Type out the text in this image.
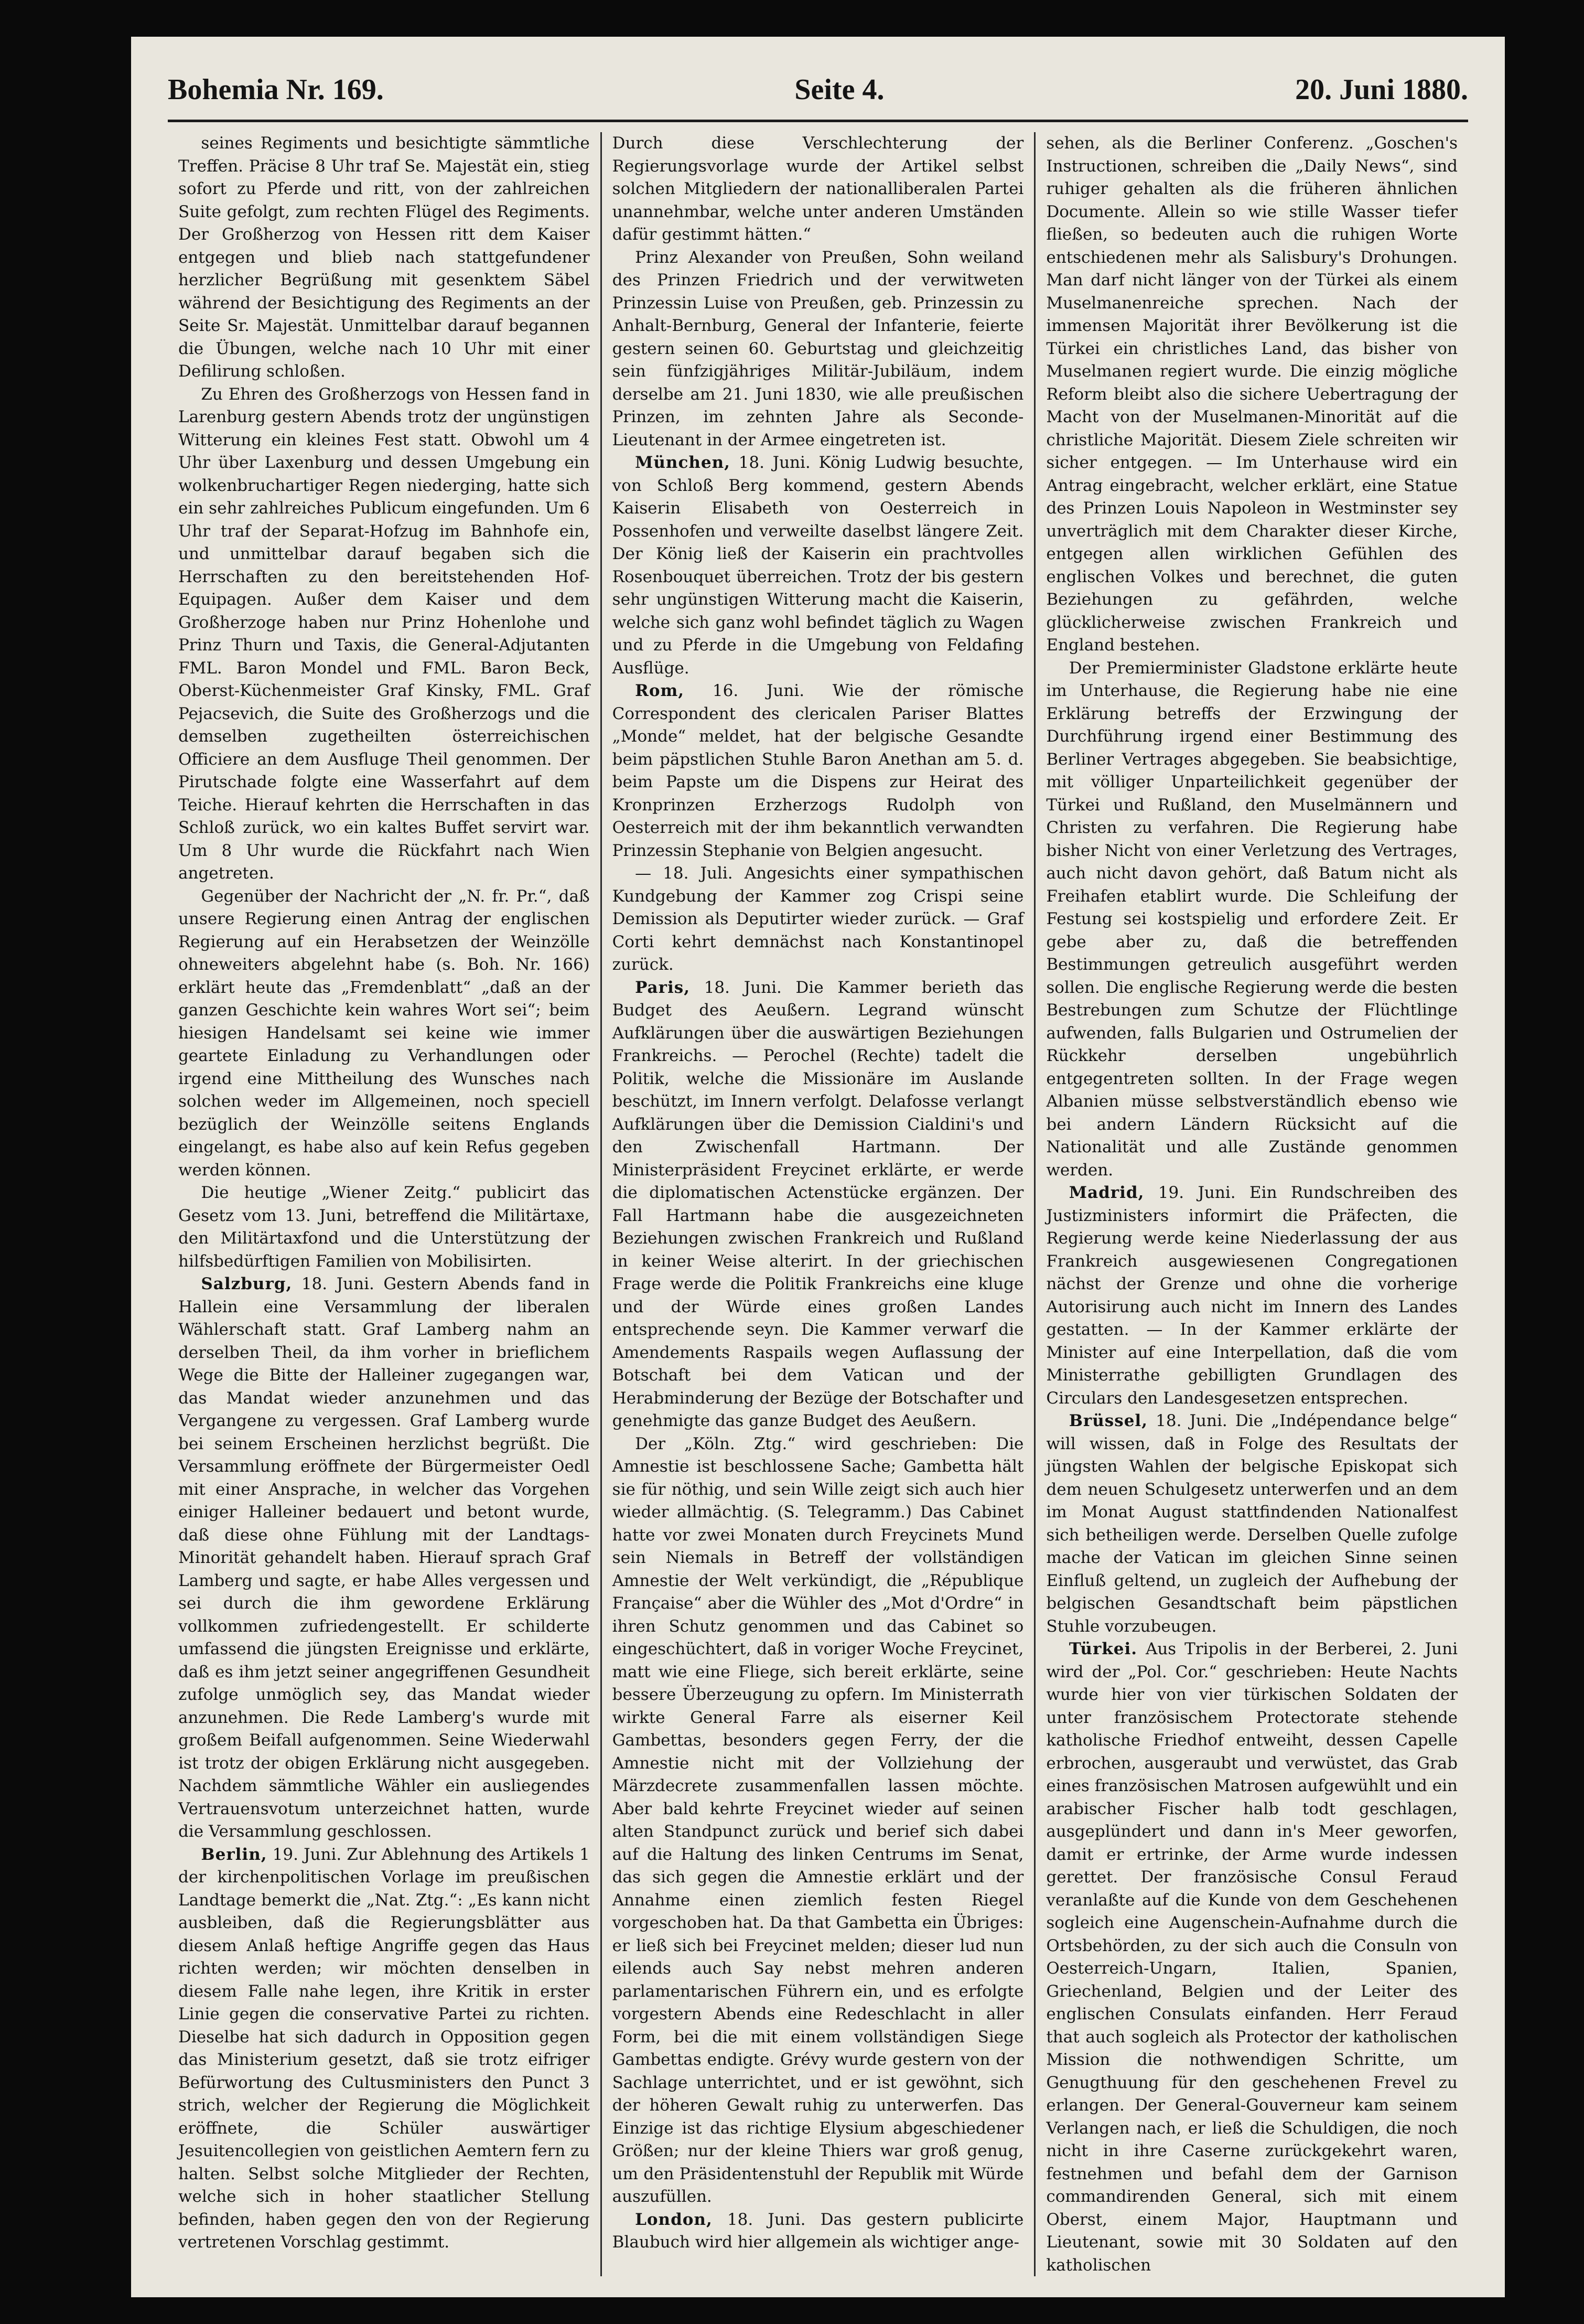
Bohemia Nr. 169.	Seite 4.	20. Juni 1880.

seines Regiments und besichtigte sämmtliche Treffen. Präcise 8 Uhr traf Se. Majestät ein, stieg sofort zu Pferde und ritt, von der zahlreichen Suite gefolgt, zum rechten Flügel des Regiments. Der Großherzog von Hessen ritt dem Kaiser entgegen und blieb nach stattgefundener herzlicher Begrüßung mit gesenktem Säbel während der Besichtigung des Regiments an der Seite Sr. Majestät. Unmittelbar darauf begannen die Übungen, welche nach 10 Uhr mit einer Defilirung schloßen.

Zu Ehren des Großherzogs von Hessen fand in Larenburg gestern Abends trotz der ungünstigen Witterung ein kleines Fest statt. Obwohl um 4 Uhr über Laxenburg und dessen Umgebung ein wolkenbruchartiger Regen niederging, hatte sich ein sehr zahlreiches Publicum eingefunden. Um 6 Uhr traf der Separat-Hofzug im Bahnhofe ein, und unmittelbar darauf begaben sich die Herrschaften zu den bereitstehenden Hof-Equipagen. Außer dem Kaiser und dem Großherzoge haben nur Prinz Hohenlohe und Prinz Thurn und Taxis, die General-Adjutanten FML. Baron Mondel und FML. Baron Beck, Oberst-Küchenmeister Graf Kinsky, FML. Graf Pejacsevich, die Suite des Großherzogs und die demselben zugetheilten österreichischen Officiere an dem Ausfluge Theil genommen. Der Pirutschade folgte eine Wasserfahrt auf dem Teiche. Hierauf kehrten die Herrschaften in das Schloß zurück, wo ein kaltes Buffet servirt war. Um 8 Uhr wurde die Rückfahrt nach Wien angetreten.

Gegenüber der Nachricht der „N. fr. Pr.“, daß unsere Regierung einen Antrag der englischen Regierung auf ein Herabsetzen der Weinzölle ohneweiters abgelehnt habe (s. Boh. Nr. 166) erklärt heute das „Fremdenblatt“ „daß an der ganzen Geschichte kein wahres Wort sei“; beim hiesigen Handelsamt sei keine wie immer geartete Einladung zu Verhandlungen oder irgend eine Mittheilung des Wunsches nach solchen weder im Allgemeinen, noch speciell bezüglich der Weinzölle seitens Englands eingelangt, es habe also auf kein Refus gegeben werden können.

Die heutige „Wiener Zeitg.“ publicirt das Gesetz vom 13. Juni, betreffend die Militärtaxe, den Militärtaxfond und die Unterstützung der hilfsbedürftigen Familien von Mobilisirten.

Salzburg, 18. Juni. Gestern Abends fand in Hallein eine Versammlung der liberalen Wählerschaft statt. Graf Lamberg nahm an derselben Theil, da ihm vorher in brieflichem Wege die Bitte der Halleiner zugegangen war, das Mandat wieder anzunehmen und das Vergangene zu vergessen. Graf Lamberg wurde bei seinem Erscheinen herzlichst begrüßt. Die Versammlung eröffnete der Bürgermeister Oedl mit einer Ansprache, in welcher das Vorgehen einiger Halleiner bedauert und betont wurde, daß diese ohne Fühlung mit der Landtags-Minorität gehandelt haben. Hierauf sprach Graf Lamberg und sagte, er habe Alles vergessen und sei durch die ihm gewordene Erklärung vollkommen zufriedengestellt. Er schilderte umfassend die jüngsten Ereignisse und erklärte, daß es ihm jetzt seiner angegriffenen Gesundheit zufolge unmöglich sey, das Mandat wieder anzunehmen. Die Rede Lamberg's wurde mit großem Beifall aufgenommen. Seine Wiederwahl ist trotz der obigen Erklärung nicht ausgegeben. Nachdem sämmtliche Wähler ein ausliegendes Vertrauensvotum unterzeichnet hatten, wurde die Versammlung geschlossen.

Berlin, 19. Juni. Zur Ablehnung des Artikels 1 der kirchenpolitischen Vorlage im preußischen Landtage bemerkt die „Nat. Ztg.“: „Es kann nicht ausbleiben, daß die Regierungsblätter aus diesem Anlaß heftige Angriffe gegen das Haus richten werden; wir möchten denselben in diesem Falle nahe legen, ihre Kritik in erster Linie gegen die conservative Partei zu richten. Dieselbe hat sich dadurch in Opposition gegen das Ministerium gesetzt, daß sie trotz eifriger Befürwortung des Cultusministers den Punct 3 strich, welcher der Regierung die Möglichkeit eröffnete, die Schüler auswärtiger Jesuitencollegien von geistlichen Aemtern fern zu halten. Selbst solche Mitglieder der Rechten, welche sich in hoher staatlicher Stellung befinden, haben gegen den von der Regierung vertretenen Vorschlag gestimmt.

Durch diese Verschlechterung der Regierungsvorlage wurde der Artikel selbst solchen Mitgliedern der nationalliberalen Partei unannehmbar, welche unter anderen Umständen dafür gestimmt hätten.“

Prinz Alexander von Preußen, Sohn weiland des Prinzen Friedrich und der verwitweten Prinzessin Luise von Preußen, geb. Prinzessin zu Anhalt-Bernburg, General der Infanterie, feierte gestern seinen 60. Geburtstag und gleichzeitig sein fünfzigjähriges Militär-Jubiläum, indem derselbe am 21. Juni 1830, wie alle preußischen Prinzen, im zehnten Jahre als Seconde-Lieutenant in der Armee eingetreten ist.

München, 18. Juni. König Ludwig besuchte, von Schloß Berg kommend, gestern Abends Kaiserin Elisabeth von Oesterreich in Possenhofen und verweilte daselbst längere Zeit. Der König ließ der Kaiserin ein prachtvolles Rosenbouquet überreichen. Trotz der bis gestern sehr ungünstigen Witterung macht die Kaiserin, welche sich ganz wohl befindet täglich zu Wagen und zu Pferde in die Umgebung von Feldafing Ausflüge.

Rom, 16. Juni. Wie der römische Correspondent des clericalen Pariser Blattes „Monde“ meldet, hat der belgische Gesandte beim päpstlichen Stuhle Baron Anethan am 5. d. beim Papste um die Dispens zur Heirat des Kronprinzen Erzherzogs Rudolph von Oesterreich mit der ihm bekanntlich verwandten Prinzessin Stephanie von Belgien angesucht.

— 18. Juli. Angesichts einer sympathischen Kundgebung der Kammer zog Crispi seine Demission als Deputirter wieder zurück. — Graf Corti kehrt demnächst nach Konstantinopel zurück.

Paris, 18. Juni. Die Kammer berieth das Budget des Aeußern. Legrand wünscht Aufklärungen über die auswärtigen Beziehungen Frankreichs. — Perochel (Rechte) tadelt die Politik, welche die Missionäre im Auslande beschützt, im Innern verfolgt. Delafosse verlangt Aufklärungen über die Demission Cialdini's und den Zwischenfall Hartmann. Der Ministerpräsident Freycinet erklärte, er werde die diplomatischen Actenstücke ergänzen. Der Fall Hartmann habe die ausgezeichneten Beziehungen zwischen Frankreich und Rußland in keiner Weise alterirt. In der griechischen Frage werde die Politik Frankreichs eine kluge und der Würde eines großen Landes entsprechende seyn. Die Kammer verwarf die Amendements Raspails wegen Auflassung der Botschaft bei dem Vatican und der Herabminderung der Bezüge der Botschafter und genehmigte das ganze Budget des Aeußern.

Der „Köln. Ztg.“ wird geschrieben: Die Amnestie ist beschlossene Sache; Gambetta hält sie für nöthig, und sein Wille zeigt sich auch hier wieder allmächtig. (S. Telegramm.) Das Cabinet hatte vor zwei Monaten durch Freycinets Mund sein Niemals in Betreff der vollständigen Amnestie der Welt verkündigt, die „République Française“ aber die Wühler des „Mot d'Ordre“ in ihren Schutz genommen und das Cabinet so eingeschüchtert, daß in voriger Woche Freycinet, matt wie eine Fliege, sich bereit erklärte, seine bessere Überzeugung zu opfern. Im Ministerrath wirkte General Farre als eiserner Keil Gambettas, besonders gegen Ferry, der die Amnestie nicht mit der Vollziehung der Märzdecrete zusammenfallen lassen möchte. Aber bald kehrte Freycinet wieder auf seinen alten Standpunct zurück und berief sich dabei auf die Haltung des linken Centrums im Senat, das sich gegen die Amnestie erklärt und der Annahme einen ziemlich festen Riegel vorgeschoben hat. Da that Gambetta ein Übriges: er ließ sich bei Freycinet melden; dieser lud nun eilends auch Say nebst mehren anderen parlamentarischen Führern ein, und es erfolgte vorgestern Abends eine Redeschlacht in aller Form, bei die mit einem vollständigen Siege Gambettas endigte. Grévy wurde gestern von der Sachlage unterrichtet, und er ist gewöhnt, sich der höheren Gewalt ruhig zu unterwerfen. Das Einzige ist das richtige Elysium abgeschiedener Größen; nur der kleine Thiers war groß genug, um den Präsidentenstuhl der Republik mit Würde auszufüllen.

London, 18. Juni. Das gestern publicirte Blaubuch wird hier allgemein als wichtiger ange-

sehen, als die Berliner Conferenz. „Goschen's Instructionen, schreiben die „Daily News“, sind ruhiger gehalten als die früheren ähnlichen Documente. Allein so wie stille Wasser tiefer fließen, so bedeuten auch die ruhigen Worte entschiedenen mehr als Salisbury's Drohungen. Man darf nicht länger von der Türkei als einem Muselmanenreiche sprechen. Nach der immensen Majorität ihrer Bevölkerung ist die Türkei ein christliches Land, das bisher von Muselmanen regiert wurde. Die einzig mögliche Reform bleibt also die sichere Uebertragung der Macht von der Muselmanen-Minorität auf die christliche Majorität. Diesem Ziele schreiten wir sicher entgegen. — Im Unterhause wird ein Antrag eingebracht, welcher erklärt, eine Statue des Prinzen Louis Napoleon in Westminster sey unverträglich mit dem Charakter dieser Kirche, entgegen allen wirklichen Gefühlen des englischen Volkes und berechnet, die guten Beziehungen zu gefährden, welche glücklicherweise zwischen Frankreich und England bestehen.

Der Premierminister Gladstone erklärte heute im Unterhause, die Regierung habe nie eine Erklärung betreffs der Erzwingung der Durchführung irgend einer Bestimmung des Berliner Vertrages abgegeben. Sie beabsichtige, mit völliger Unparteilichkeit gegenüber der Türkei und Rußland, den Muselmännern und Christen zu verfahren. Die Regierung habe bisher Nicht von einer Verletzung des Vertrages, auch nicht davon gehört, daß Batum nicht als Freihafen etablirt wurde. Die Schleifung der Festung sei kostspielig und erfordere Zeit. Er gebe aber zu, daß die betreffenden Bestimmungen getreulich ausgeführt werden sollen. Die englische Regierung werde die besten Bestrebungen zum Schutze der Flüchtlinge aufwenden, falls Bulgarien und Ostrumelien der Rückkehr derselben ungebührlich entgegentreten sollten. In der Frage wegen Albanien müsse selbstverständlich ebenso wie bei andern Ländern Rücksicht auf die Nationalität und alle Zustände genommen werden.

Madrid, 19. Juni. Ein Rundschreiben des Justizministers informirt die Präfecten, die Regierung werde keine Niederlassung der aus Frankreich ausgewiesenen Congregationen nächst der Grenze und ohne die vorherige Autorisirung auch nicht im Innern des Landes gestatten. — In der Kammer erklärte der Minister auf eine Interpellation, daß die vom Ministerrathe gebilligten Grundlagen des Circulars den Landesgesetzen entsprechen.

Brüssel, 18. Juni. Die „Indépendance belge“ will wissen, daß in Folge des Resultats der jüngsten Wahlen der belgische Episkopat sich dem neuen Schulgesetz unterwerfen und an dem im Monat August stattfindenden Nationalfest sich betheiligen werde. Derselben Quelle zufolge mache der Vatican im gleichen Sinne seinen Einfluß geltend, un zugleich der Aufhebung der belgischen Gesandtschaft beim päpstlichen Stuhle vorzubeugen.

Türkei. Aus Tripolis in der Berberei, 2. Juni wird der „Pol. Cor.“ geschrieben: Heute Nachts wurde hier von vier türkischen Soldaten der unter französischem Protectorate stehende katholische Friedhof entweiht, dessen Capelle erbrochen, ausgeraubt und verwüstet, das Grab eines französischen Matrosen aufgewühlt und ein arabischer Fischer halb todt geschlagen, ausgeplündert und dann in's Meer geworfen, damit er ertrinke, der Arme wurde indessen gerettet. Der französische Consul Feraud veranlaßte auf die Kunde von dem Geschehenen sogleich eine Augenschein-Aufnahme durch die Ortsbehörden, zu der sich auch die Consuln von Oesterreich-Ungarn, Italien, Spanien, Griechenland, Belgien und der Leiter des englischen Consulats einfanden. Herr Feraud that auch sogleich als Protector der katholischen Mission die nothwendigen Schritte, um Genugthuung für den geschehenen Frevel zu erlangen. Der General-Gouverneur kam seinem Verlangen nach, er ließ die Schuldigen, die noch nicht in ihre Caserne zurückgekehrt waren, festnehmen und befahl dem der Garnison commandirenden General, sich mit einem Oberst, einem Major, Hauptmann und Lieutenant, sowie mit 30 Soldaten auf den katholischen
